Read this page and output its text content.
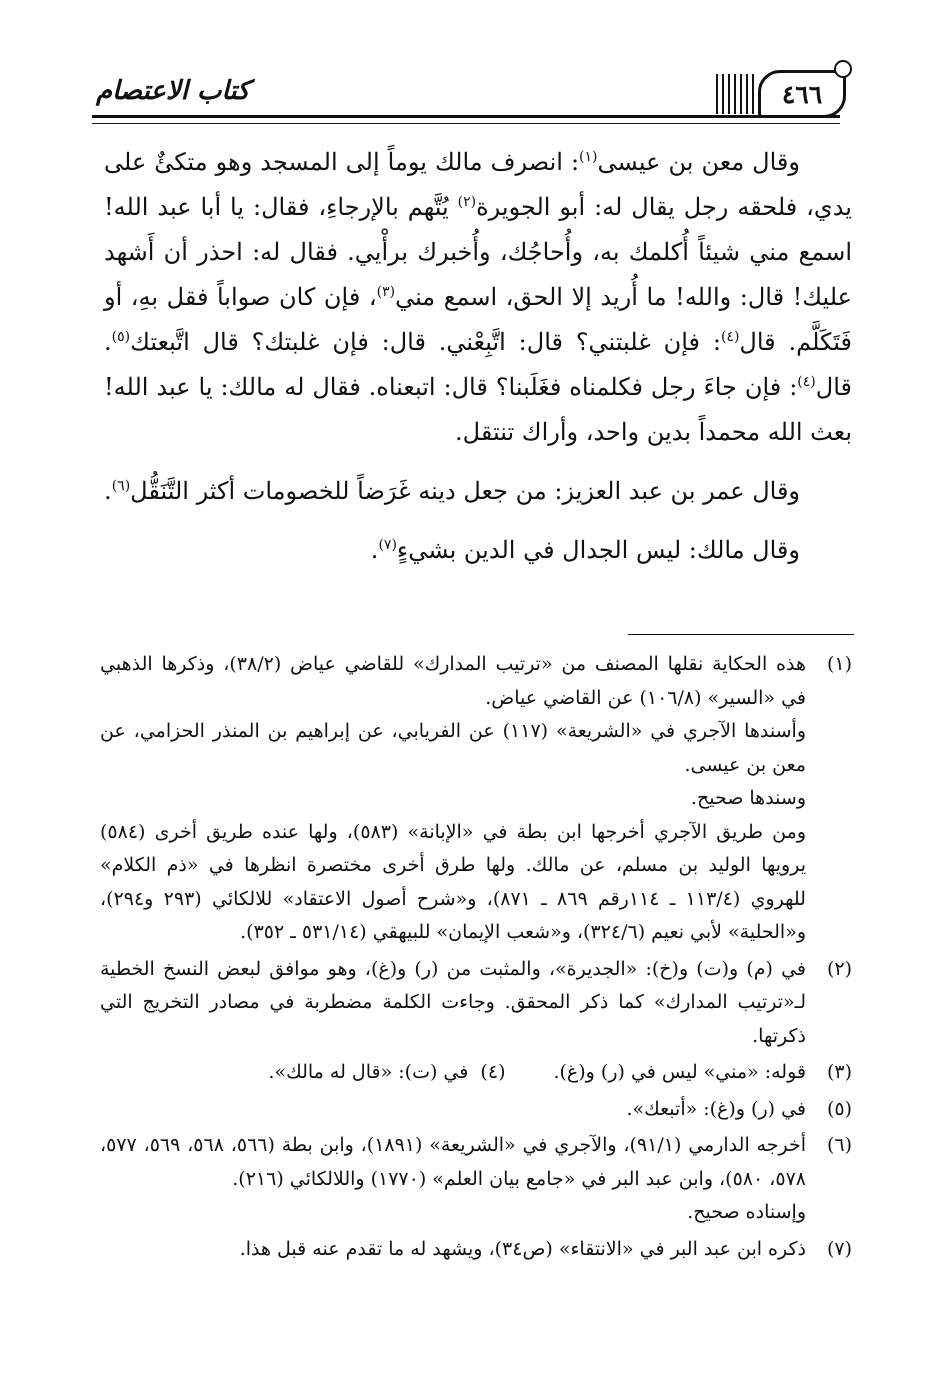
كتاب الاعتصام	٤٦٦

وقال معن بن عيسى$^{(١)}$: انصرف مالك يوماً إلى المسجد وهو متكئٌ على يدي، فلحقه رجل يقال له: أبو الجويرة$^{(٢)}$ يُتَّهم بالإرجاءِ، فقال: يا أبا عبد الله! اسمع مني شيئاً أُكلمك به، وأُحاجُك، وأُخبرك برأْيي. فقال له: احذر أن أَشهد عليك! قال: والله! ما أُريد إلا الحق، اسمع مني$^{(٣)}$، فإن كان صواباً فقل بهِ، أو فَتَكَلَّم. قال$^{(٤)}$: فإن غلبتني؟ قال: اتَّبِعْني. قال: فإن غلبتك؟ قال اتَّبعتك$^{(٥)}$. قال$^{(٤)}$: فإن جاءَ رجل فكلمناه فغَلَبنا؟ قال: اتبعناه. فقال له مالك: يا عبد الله! بعث الله محمداً بدين واحد، وأراك تنتقل.

وقال عمر بن عبد العزيز: من جعل دينه غَرَضاً للخصومات أكثر التَّنَقُّل$^{(٦)}$.

وقال مالك: ليس الجدال في الدين بشيءٍ$^{(٧)}$.

(١)
هذه الحكاية نقلها المصنف من «ترتيب المدارك» للقاضي عياض (٣٨/٢)، وذكرها الذهبي في «السير» (١٠٦/٨) عن القاضي عياض.
وأسندها الآجري في «الشريعة» (١١٧) عن الفريابي، عن إبراهيم بن المنذر الحزامي، عن معن بن عيسى.
وسندها صحيح.
ومن طريق الآجري أخرجها ابن بطة في «الإبانة» (٥٨٣)، ولها عنده طريق أخرى (٥٨٤) يرويها الوليد بن مسلم، عن مالك. ولها طرق أخرى مختصرة انظرها في «ذم الكلام» للهروي (١١٣/٤ ـ ١١٤رقم ٨٦٩ ـ ٨٧١)، و«شرح أصول الاعتقاد» للالكائي (٢٩٣ و٢٩٤)، و«الحلية» لأبي نعيم (٣٢٤/٦)، و«شعب الإيمان» للبيهقي (٥٣١/١٤ ـ ٣٥٢).
(٢)
في (م) و(ت) و(خ): «الجديرة»، والمثبت من (ر) و(غ)، وهو موافق لبعض النسخ الخطية لـ«ترتيب المدارك» كما ذكر المحقق. وجاءت الكلمة مضطربة في مصادر التخريج التي ذكرتها.
(٣)
قوله: «مني» ليس في (ر) و(غ).
(٤)  في (ت): «قال له مالك».
(٥)
في (ر) و(غ): «أتبعك».
(٦)
أخرجه الدارمي (٩١/١)، والآجري في «الشريعة» (١٨٩١)، وابن بطة (٥٦٦، ٥٦٨، ٥٦٩، ٥٧٧، ٥٧٨، ٥٨٠)، وابن عبد البر في «جامع بيان العلم» (١٧٧٠) واللالكائي (٢١٦).
وإسناده صحيح.
(٧)
ذكره ابن عبد البر في «الانتقاء» (ص٣٤)، ويشهد له ما تقدم عنه قبل هذا.
